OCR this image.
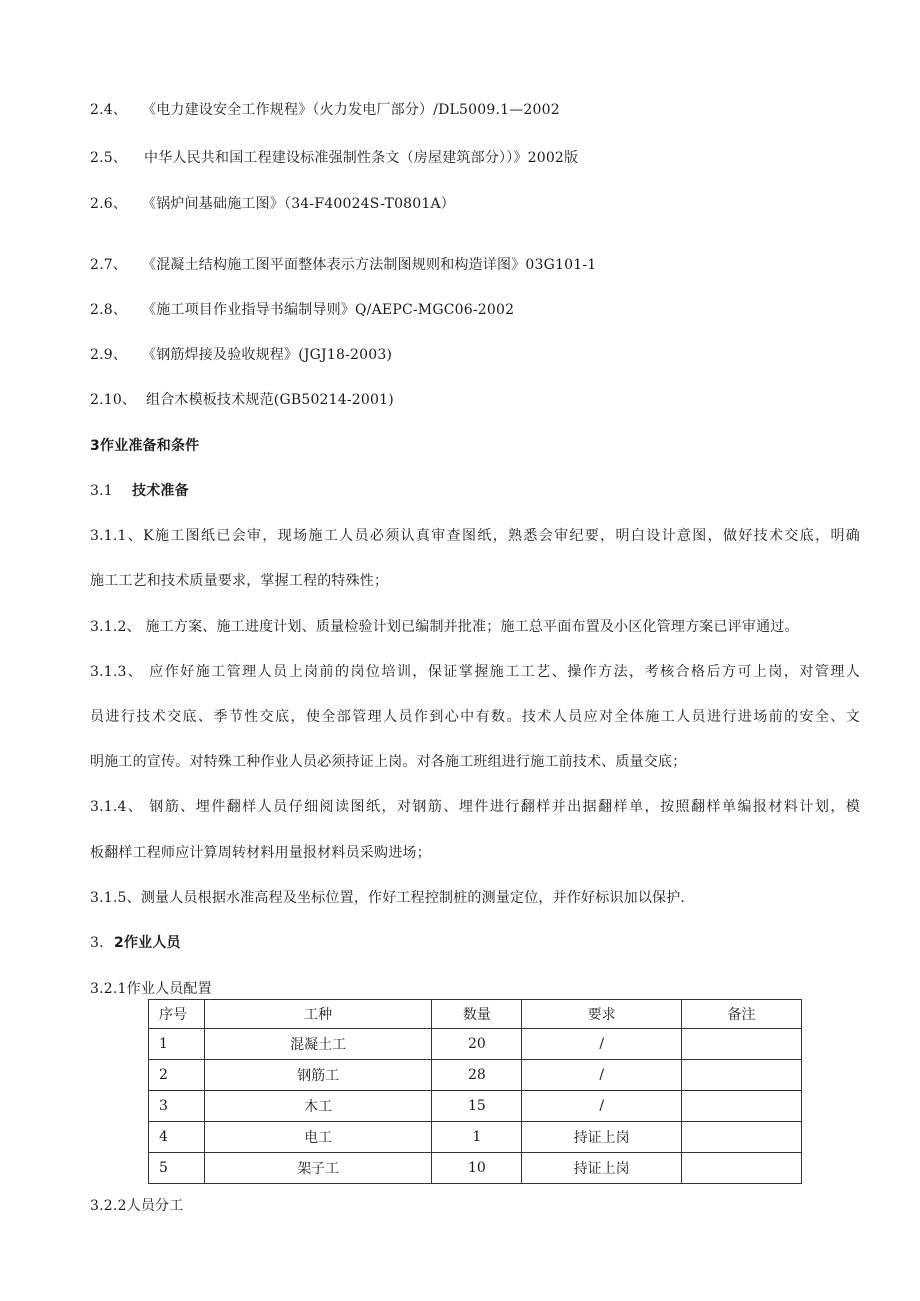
2.4、 《电力建设安全工作规程》（火力发电厂部分）/DL5009.1—2002
2.5、 中华人民共和国工程建设标准强制性条文（房屋建筑部分））》2002版
2.6、 《锅炉间基础施工图》（34-F40024S-T0801A）
2.7、 《混凝土结构施工图平面整体表示方法制图规则和构造详图》03G101-1
2.8、 《施工项目作业指导书编制导则》Q/AEPC-MGC06-2002
2.9、 《钢筋焊接及验收规程》(JGJ18-2003)
2.10、 组合木模板技术规范(GB50214-2001)
3作业准备和条件
3.1 技术准备
3.1.1、K施工图纸已会审，现场施工人员必须认真审查图纸，熟悉会审纪要，明白设计意图，做好技术交底，明确
施工工艺和技术质量要求，掌握工程的特殊性；
3.1.2、 施工方案、施工进度计划、质量检验计划已编制并批准；施工总平面布置及小区化管理方案已评审通过。
3.1.3、 应作好施工管理人员上岗前的岗位培训，保证掌握施工工艺、操作方法，考核合格后方可上岗，对管理人
员进行技术交底、季节性交底，使全部管理人员作到心中有数。技术人员应对全体施工人员进行进场前的安全、文
明施工的宣传。对特殊工种作业人员必须持证上岗。对各施工班组进行施工前技术、质量交底；
3.1.4、 钢筋、埋件翻样人员仔细阅读图纸，对钢筋、埋件进行翻样并出据翻样单，按照翻样单编报材料计划，模
板翻样工程师应计算周转材料用量报材料员采购进场；
3.1.5、测量人员根据水准高程及坐标位置，作好工程控制桩的测量定位，并作好标识加以保护.
3. 2作业人员
3.2.1作业人员配置
序号	工种	数量	要求	备注
1	混凝土工	20	/	
2	钢筋工	28	/	
3	木工	15	/	
4	电工	1	持证上岗	
5	架子工	10	持证上岗	
3.2.2人员分工
